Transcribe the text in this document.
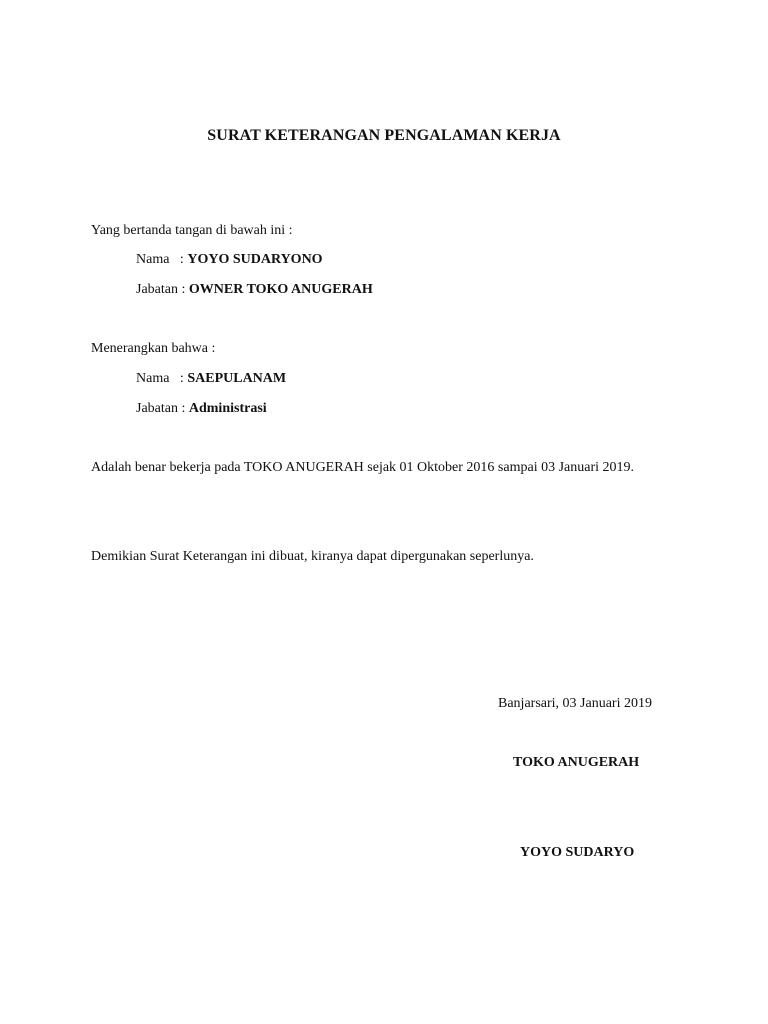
SURAT KETERANGAN PENGALAMAN KERJA
Yang bertanda tangan di bawah ini :
Nama   : YOYO SUDARYONO
Jabatan : OWNER TOKO ANUGERAH
Menerangkan bahwa :
Nama   : SAEPULANAM
Jabatan : Administrasi
Adalah benar bekerja pada TOKO ANUGERAH sejak 01 Oktober 2016 sampai 03 Januari 2019.
Demikian Surat Keterangan ini dibuat, kiranya dapat dipergunakan seperlunya.
Banjarsari, 03 Januari 2019
TOKO ANUGERAH
YOYO SUDARYO
